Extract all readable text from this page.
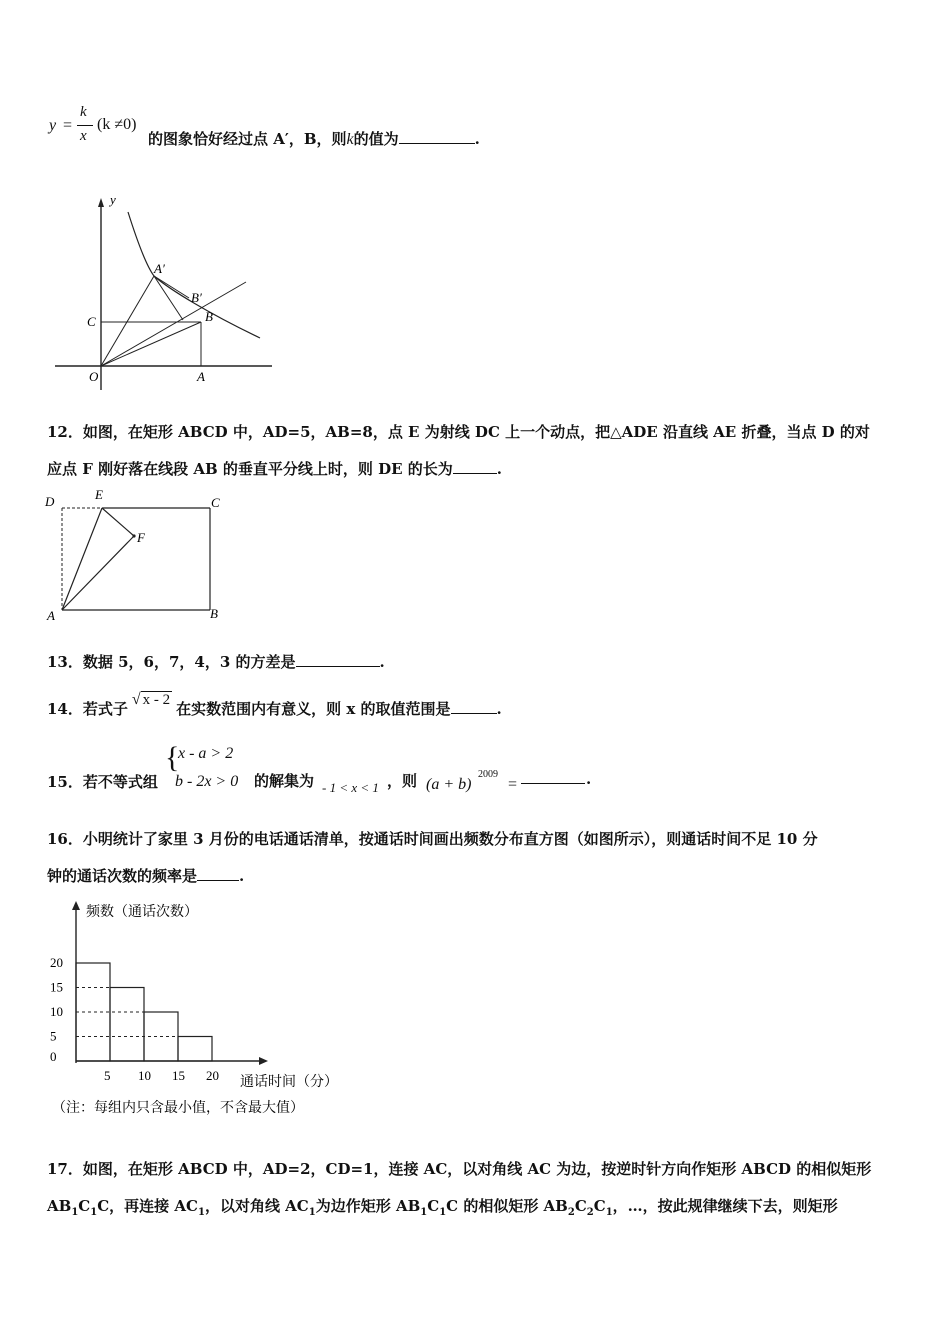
y =
k
x
(k ≠0)
的图象恰好经过点 A′，B，则k的值为	.
y
A′
B′
B
C
O	A
12．如图，在矩形 ABCD 中，AD=5，AB=8，点 E 为射线 DC 上一个动点，把△ADE 沿直线 AE 折叠，当点 D 的对
应点 F 刚好落在线段 AB 的垂直平分线上时，则 DE 的长为	.
D	E
C
F
A	B
13．数据 5，6，7，4，3 的方差是	.
14．若式子√ x - 2 在实数范围内有意义，则 x 的取值范围是	.
15．若不等式组
{
x - a > 2
b - 2x > 0 的解集为 - 1 < x < 1 ，则 (a + b)
2009
=	.
16．小明统计了家里 3 月份的电话通话清单，按通话时间画出频数分布直方图（如图所示），则通话时间不足 10 分
钟的通话次数的频率是	.
频数（通话次数）
通话时间（分）
（注：每组内只含最小值，不含最大值）
0
5
10
15
20
5 10 15 20
17．如图，在矩形 ABCD 中，AD=2，CD=1，连接 AC，以对角线 AC 为边，按逆时针方向作矩形 ABCD 的相似矩形
$AB_1C_1C$，再连接 $AC_1$，以对角线 $AC_1$为边作矩形 $AB_1C_1C$ 的相似矩形 $AB_2C_2C_1$，…，按此规律继续下去，则矩形
